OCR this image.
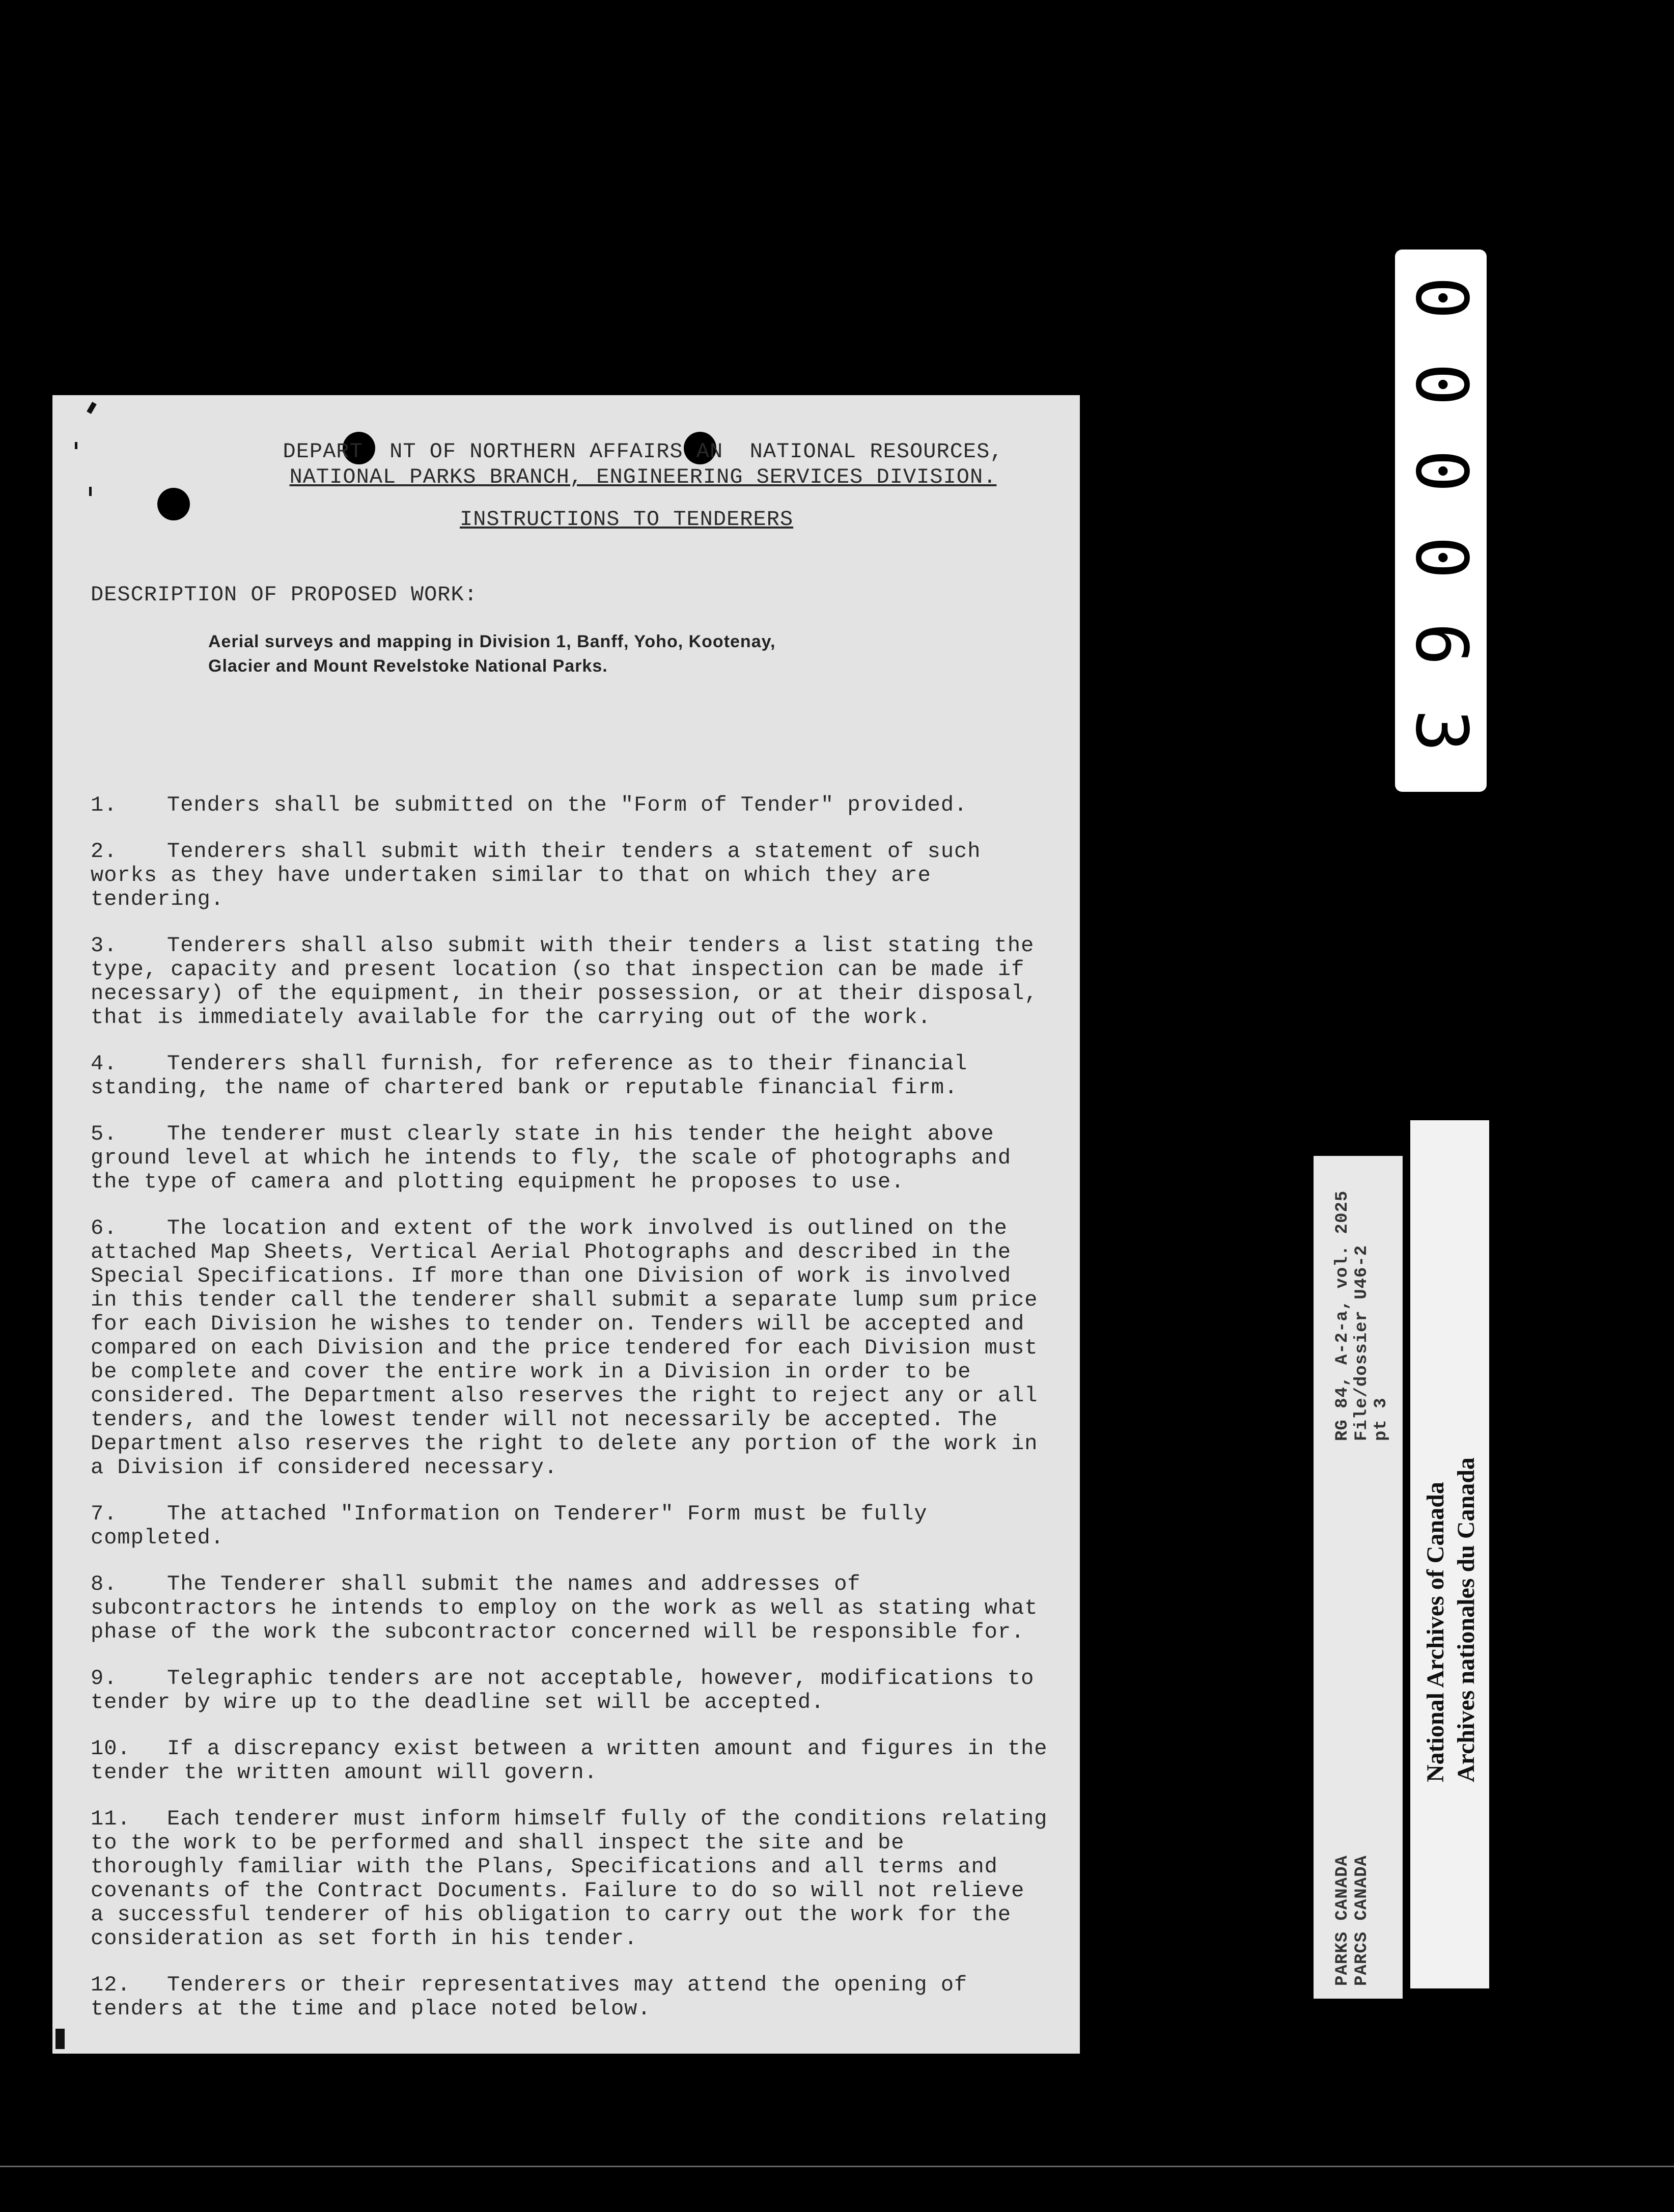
DEPART  NT OF NORTHERN AFFAIRS AN  NATIONAL RESOURCES,
NATIONAL PARKS BRANCH, ENGINEERING SERVICES DIVISION.
INSTRUCTIONS TO TENDERERS
DESCRIPTION OF PROPOSED WORK:
Aerial surveys and mapping in Division 1, Banff, Yoho, Kootenay,
Glacier and Mount Revelstoke National Parks.
1. Tenders shall be submitted on the "Form of Tender" provided.
2. Tenderers shall submit with their tenders a statement of such works as they have undertaken similar to that on which they are tendering.
3. Tenderers shall also submit with their tenders a list stating the type, capacity and present location (so that inspection can be made if necessary) of the equipment, in their possession, or at their disposal, that is immediately available for the carrying out of the work.
4. Tenderers shall furnish, for reference as to their financial standing, the name of chartered bank or reputable financial firm.
5. The tenderer must clearly state in his tender the height above ground level at which he intends to fly, the scale of photographs and the type of camera and plotting equipment he proposes to use.
6. The location and extent of the work involved is outlined on the attached Map Sheets, Vertical Aerial Photographs and described in the Special Specifications. If more than one Division of work is involved in this tender call the tenderer shall submit a separate lump sum price for each Division he wishes to tender on. Tenders will be accepted and compared on each Division and the price tendered for each Division must be complete and cover the entire work in a Division in order to be considered. The Department also reserves the right to reject any or all tenders, and the lowest tender will not necessarily be accepted. The Department also reserves the right to delete any portion of the work in a Division if considered necessary.
7. The attached "Information on Tenderer" Form must be fully completed.
8. The Tenderer shall submit the names and addresses of subcontractors he intends to employ on the work as well as stating what phase of the work the subcontractor concerned will be responsible for.
9. Telegraphic tenders are not acceptable, however, modifications to tender by wire up to the deadline set will be accepted.
10. If a discrepancy exist between a written amount and figures in the tender the written amount will govern.
11. Each tenderer must inform himself fully of the conditions relating to the work to be performed and shall inspect the site and be thoroughly familiar with the Plans, Specifications and all terms and covenants of the Contract Documents. Failure to do so will not relieve a successful tenderer of his obligation to carry out the work for the consideration as set forth in his tender.
12. Tenderers or their representatives may attend the opening of tenders at the time and place noted below.
0
0
0
0
6
3
PARKS CANADA PARCS CANADA
RG 84, A-2-a, vol. 2025 File/dossier U46-2 pt 3
National Archives of Canada Archives nationales du Canada
